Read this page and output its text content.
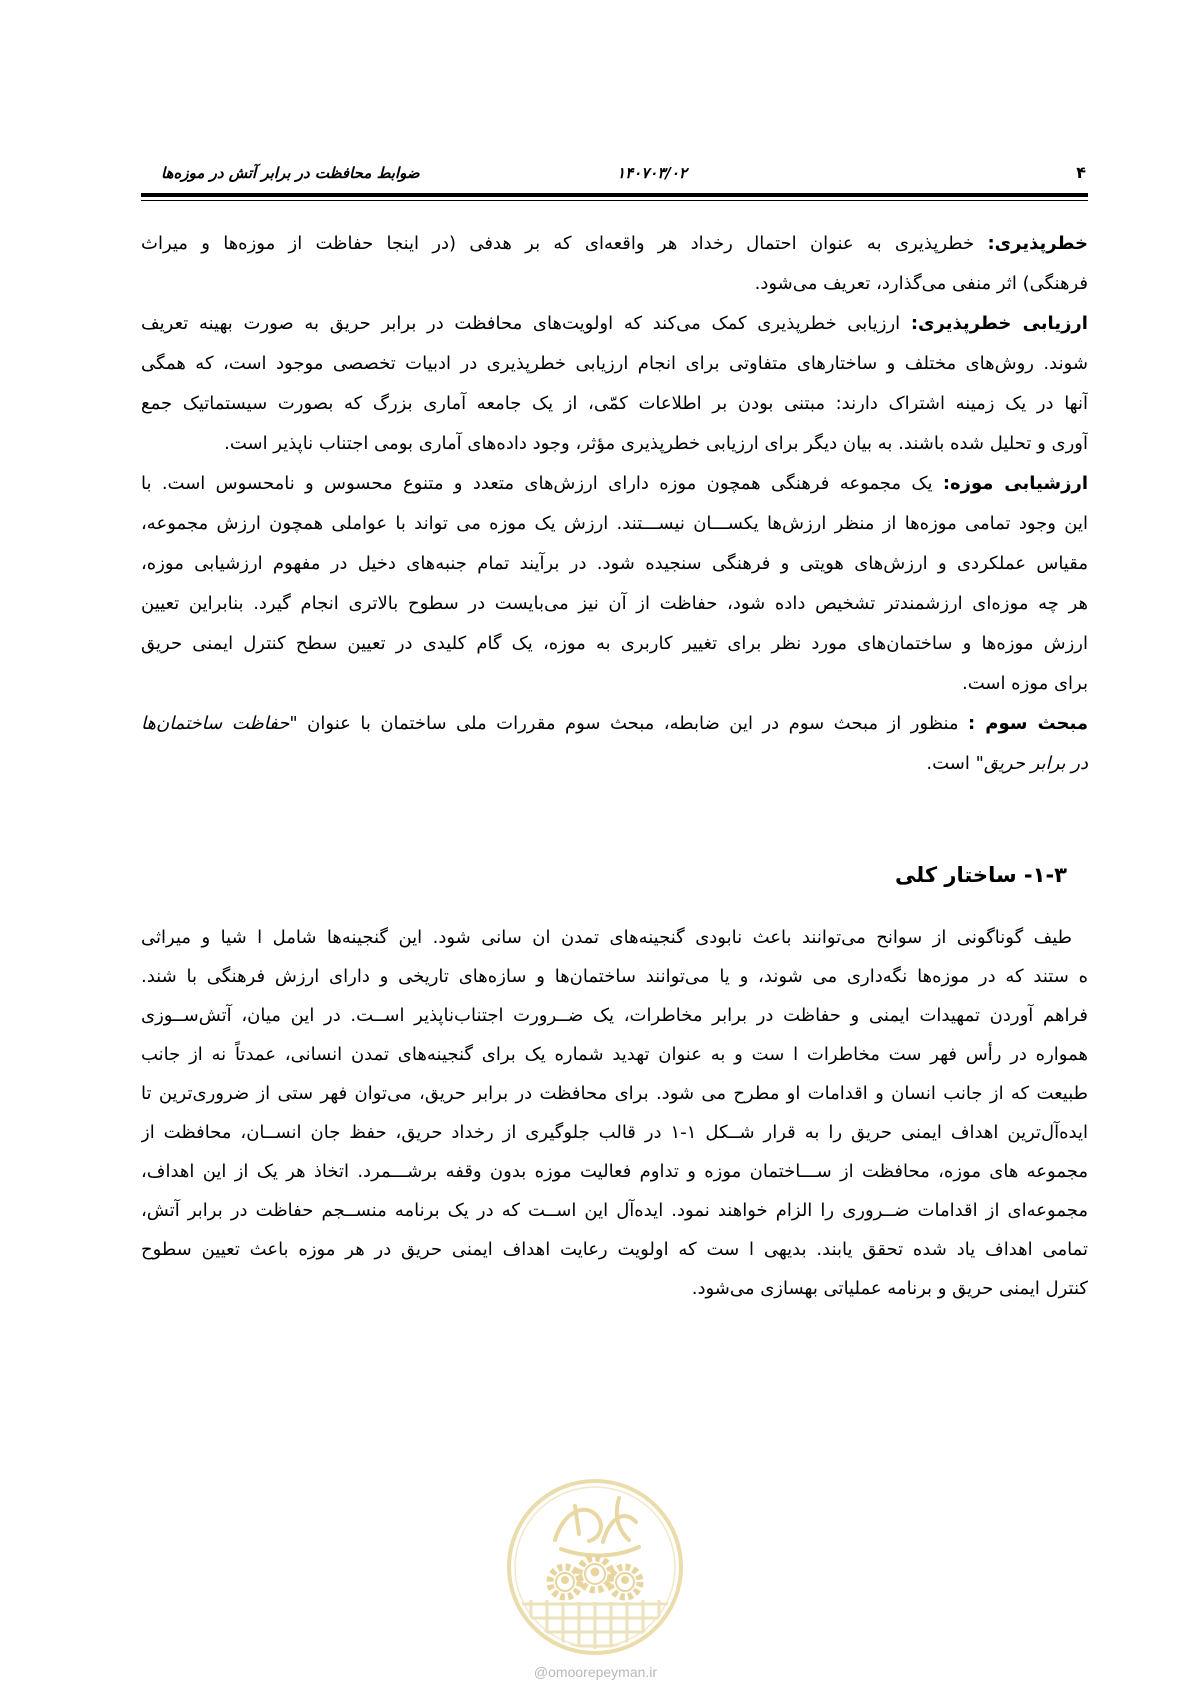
۴
۱۴۰۷۰۳/۰۲
ضوابط محافظت در برابر آتش در موزه‌ها
خطرپذیری: خطرپذیری به عنوان احتمال رخداد هر واقعه‌ای که بر هدفی (در اینجا حفاظت از موزه‌ها و میراث
فرهنگی) اثر منفی می‌گذارد، تعریف می‌شود.
ارزیابی خطرپذیری: ارزیابی خطرپذیری کمک می‌کند که اولویت‌های محافظت در برابر حریق به صورت بهینه تعریف
شوند. روش‌های مختلف و ساختارهای متفاوتی برای انجام ارزیابی خطرپذیری در ادبیات تخصصی موجود است، که همگی
آنها در یک زمینه اشتراک دارند: مبتنی بودن بر اطلاعات کمّی، از یک جامعه آماری بزرگ که بصورت سیستماتیک جمع
آوری و تحلیل شده باشند. به بیان دیگر برای ارزیابی خطرپذیری مؤثر، وجود داده‌های آماری بومی اجتناب ناپذیر است.
ارزشیابی موزه: یک مجموعه فرهنگی همچون موزه دارای ارزش‌های متعدد و متنوع محسوس و نامحسوس است. با
این وجود تمامی موزه‌ها از منظر ارزش‌ها یکســـان نیســـتند. ارزش یک موزه می تواند با عواملی همچون ارزش مجموعه،
مقیاس عملکردی و ارزش‌های هویتی و فرهنگی سنجیده شود. در برآیند تمام جنبه‌های دخیل در مفهوم ارزشیابی موزه،
هر چه موزه‌ای ارزشمندتر تشخیص داده شود، حفاظت از آن نیز می‌بایست در سطوح بالاتری انجام گیرد. بنابراین تعیین
ارزش موزه‌ها و ساختمان‌های مورد نظر برای تغییر کاربری به موزه، یک گام کلیدی در تعیین سطح کنترل ایمنی حریق
برای موزه است.
مبحث سوم : منظور از مبحث سوم در این ضابطه، مبحث سوم مقررات ملی ساختمان با عنوان "حفاظت ساختمان‌ها
در برابر حریق" است.
۱-۳- ساختار کلی
طیف گوناگونی از سوانح می‌توانند باعث نابودی گنجینه‌های تمدن ان سانی شود. این گنجینه‌ها شامل ا شیا و میراثی
ه ستند که در موزه‌ها نگه‌داری می شوند، و یا می‌توانند ساختمان‌ها و سازه‌های تاریخی و دارای ارزش فرهنگی با شند.
فراهم آوردن تمهیدات ایمنی و حفاظت در برابر مخاطرات، یک ضــرورت اجتناب‌ناپذیر اســت. در این میان، آتش‌ســوزی
همواره در رأس فهر ست مخاطرات ا ست و به عنوان تهدید شماره یک برای گنجینه‌های تمدن انسانی، عمدتاً نه از جانب
طبیعت که از جانب انسان و اقدامات او مطرح می شود. برای محافظت در برابر حریق، می‌توان فهر ستی از ضروری‌ترین تا
ایده‌آل‌ترین اهداف ایمنی حریق را به قرار شــکل ۱-۱ در قالب جلوگیری از رخداد حریق، حفظ جان انســان، محافظت از
مجموعه های موزه، محافظت از ســـاختمان موزه و تداوم فعالیت موزه بدون وقفه برشـــمرد. اتخاذ هر یک از این اهداف،
مجموعه‌ای از اقدامات ضــروری را الزام خواهند نمود. ایده‌آل این اســت که در یک برنامه منســجم حفاظت در برابر آتش،
تمامی اهداف یاد شده تحقق یابند. بدیهی ا ست که اولویت رعایت اهداف ایمنی حریق در هر موزه باعث تعیین سطوح
کنترل ایمنی حریق و برنامه عملیاتی بهسازی می‌شود.
@omoorepeyman.ir
